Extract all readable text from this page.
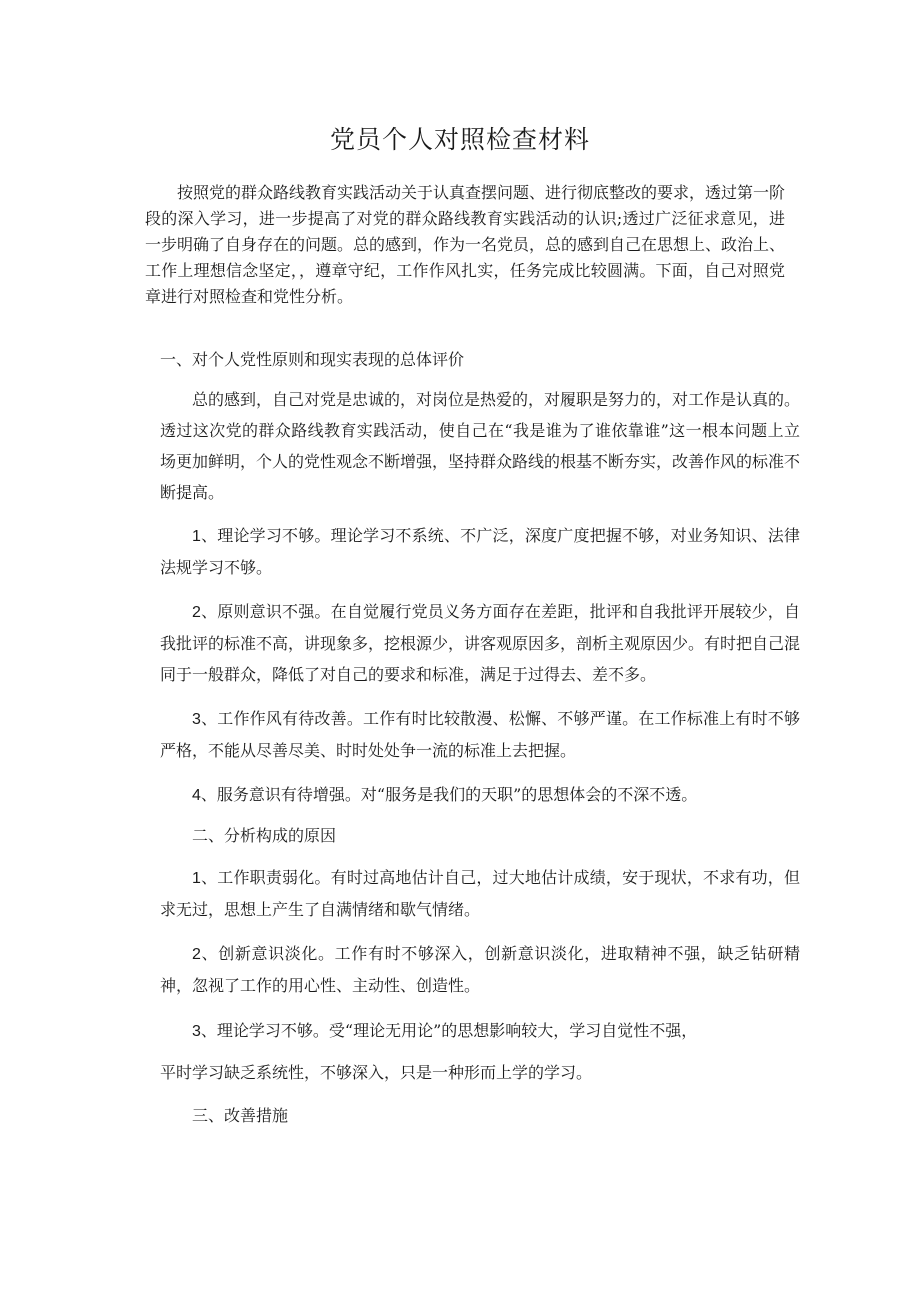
党员个人对照检查材料

按照党的群众路线教育实践活动关于认真查摆问题、进行彻底整改的要求，透过第一阶段的深入学习，进一步提高了对党的群众路线教育实践活动的认识;透过广泛征求意见，进一步明确了自身存在的问题。总的感到，作为一名党员，总的感到自己在思想上、政治上、工作上理想信念坚定，，遵章守纪，工作作风扎实，任务完成比较圆满。下面，自己对照党章进行对照检查和党性分析。

一、对个人党性原则和现实表现的总体评价

总的感到，自己对党是忠诚的，对岗位是热爱的，对履职是努力的，对工作是认真的。透过这次党的群众路线教育实践活动，使自己在“我是谁为了谁依靠谁”这一根本问题上立场更加鲜明，个人的党性观念不断增强，坚持群众路线的根基不断夯实，改善作风的标准不断提高。

1、理论学习不够。理论学习不系统、不广泛，深度广度把握不够，对业务知识、法律法规学习不够。

2、原则意识不强。在自觉履行党员义务方面存在差距，批评和自我批评开展较少，自我批评的标准不高，讲现象多，挖根源少，讲客观原因多，剖析主观原因少。有时把自己混同于一般群众，降低了对自己的要求和标准，满足于过得去、差不多。

3、工作作风有待改善。工作有时比较散漫、松懈、不够严谨。在工作标准上有时不够严格，不能从尽善尽美、时时处处争一流的标准上去把握。

4、服务意识有待增强。对“服务是我们的天职”的思想体会的不深不透。

二、分析构成的原因

1、工作职责弱化。有时过高地估计自己，过大地估计成绩，安于现状，不求有功，但求无过，思想上产生了自满情绪和歇气情绪。

2、创新意识淡化。工作有时不够深入，创新意识淡化，进取精神不强，缺乏钻研精神，忽视了工作的用心性、主动性、创造性。

3、理论学习不够。受“理论无用论”的思想影响较大，学习自觉性不强，

平时学习缺乏系统性，不够深入，只是一种形而上学的学习。

三、改善措施
